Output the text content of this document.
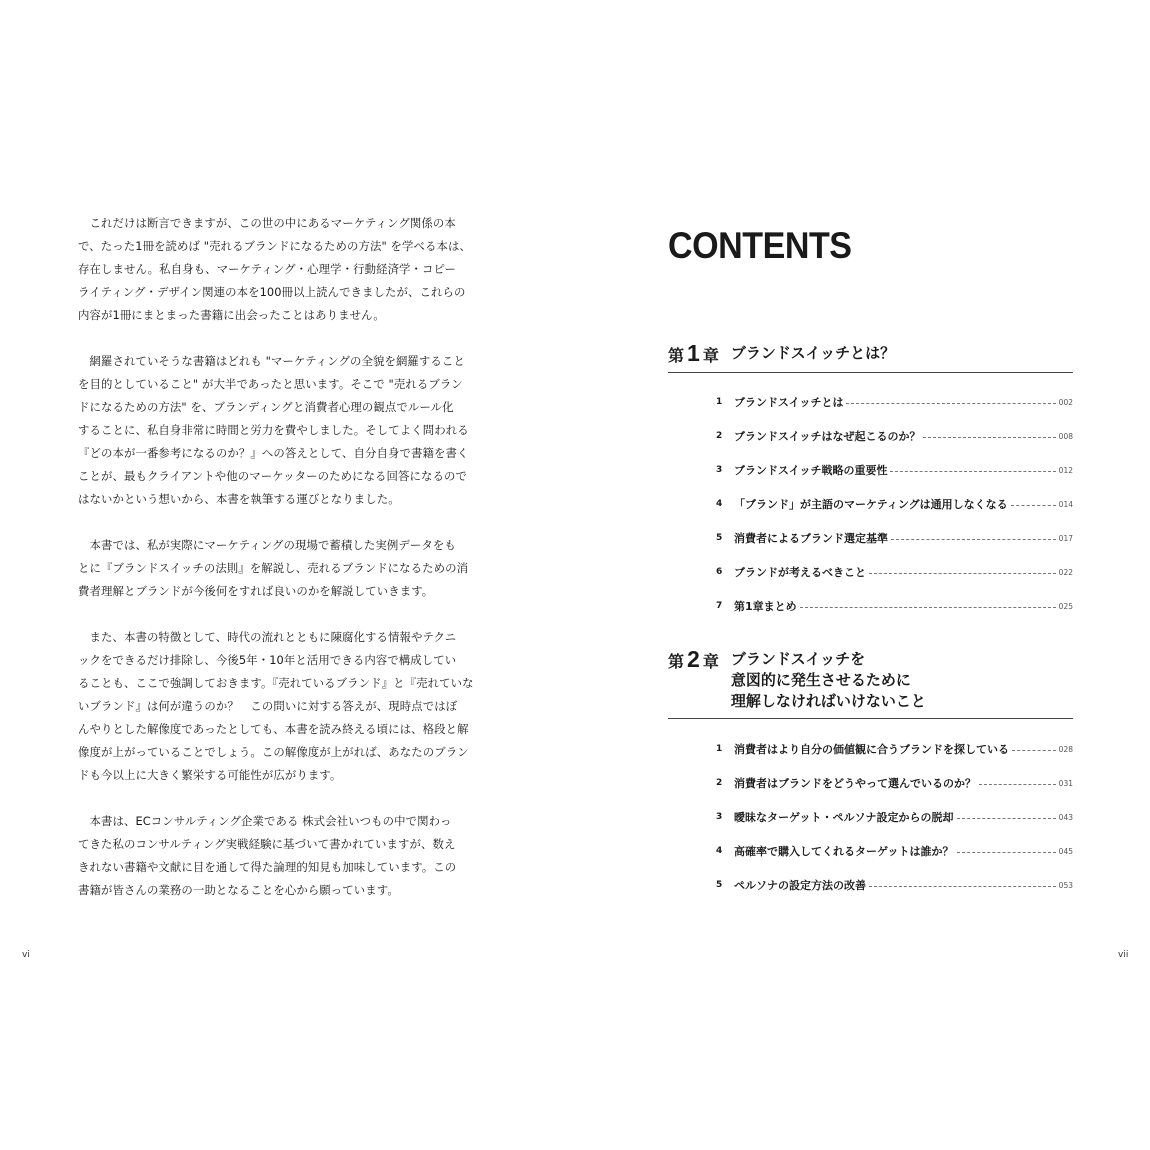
　これだけは断言できますが、この世の中にあるマーケティング関係の本
で、たった1冊を読めば "売れるブランドになるための方法" を学べる本は、
存在しません。私自身も、マーケティング・心理学・行動経済学・コピー
ライティング・デザイン関連の本を100冊以上読んできましたが、これらの
内容が1冊にまとまった書籍に出会ったことはありません。

　網羅されていそうな書籍はどれも "マーケティングの全貌を網羅すること
を目的としていること" が大半であったと思います。そこで "売れるブラン
ドになるための方法" を、ブランディングと消費者心理の観点でルール化
することに、私自身非常に時間と労力を費やしました。そしてよく問われる
『どの本が一番参考になるのか？』への答えとして、自分自身で書籍を書く
ことが、最もクライアントや他のマーケッターのためになる回答になるので
はないかという想いから、本書を執筆する運びとなりました。

　本書では、私が実際にマーケティングの現場で蓄積した実例データをも
とに『ブランドスイッチの法則』を解説し、売れるブランドになるための消
費者理解とブランドが今後何をすれば良いのかを解説していきます。

　また、本書の特徴として、時代の流れとともに陳腐化する情報やテクニ
ックをできるだけ排除し、今後5年・10年と活用できる内容で構成してい
ることも、ここで強調しておきます。『売れているブランド』と『売れていな
いブランド』は何が違うのか？　この問いに対する答えが、現時点ではぼ
んやりとした解像度であったとしても、本書を読み終える頃には、格段と解
像度が上がっていることでしょう。この解像度が上がれば、あなたのブラン
ドも今以上に大きく繁栄する可能性が広がります。

　本書は、ECコンサルティング企業である 株式会社いつもの中で関わっ
てきた私のコンサルティング実戦経験に基づいて書かれていますが、数え
きれない書籍や文献に目を通して得た論理的知見も加味しています。この
書籍が皆さんの業務の一助となることを心から願っています。

vi
CONTENTS
第 1 章 ブランドスイッチとは？
1	ブランドスイッチとは	002
2	ブランドスイッチはなぜ起こるのか？	008
3	ブランドスイッチ戦略の重要性	012
4	「ブランド」が主語のマーケティングは通用しなくなる	014
5	消費者によるブランド選定基準	017
6	ブランドが考えるべきこと	022
7	第1章まとめ	025
第 2 章 ブランドスイッチを
意図的に発生させるために
理解しなければいけないこと
1	消費者はより自分の価値観に合うブランドを探している	028
2	消費者はブランドをどうやって選んでいるのか？	031
3	曖昧なターゲット・ペルソナ設定からの脱却	043
4	高確率で購入してくれるターゲットは誰か？	045
5	ペルソナの設定方法の改善	053
vii
